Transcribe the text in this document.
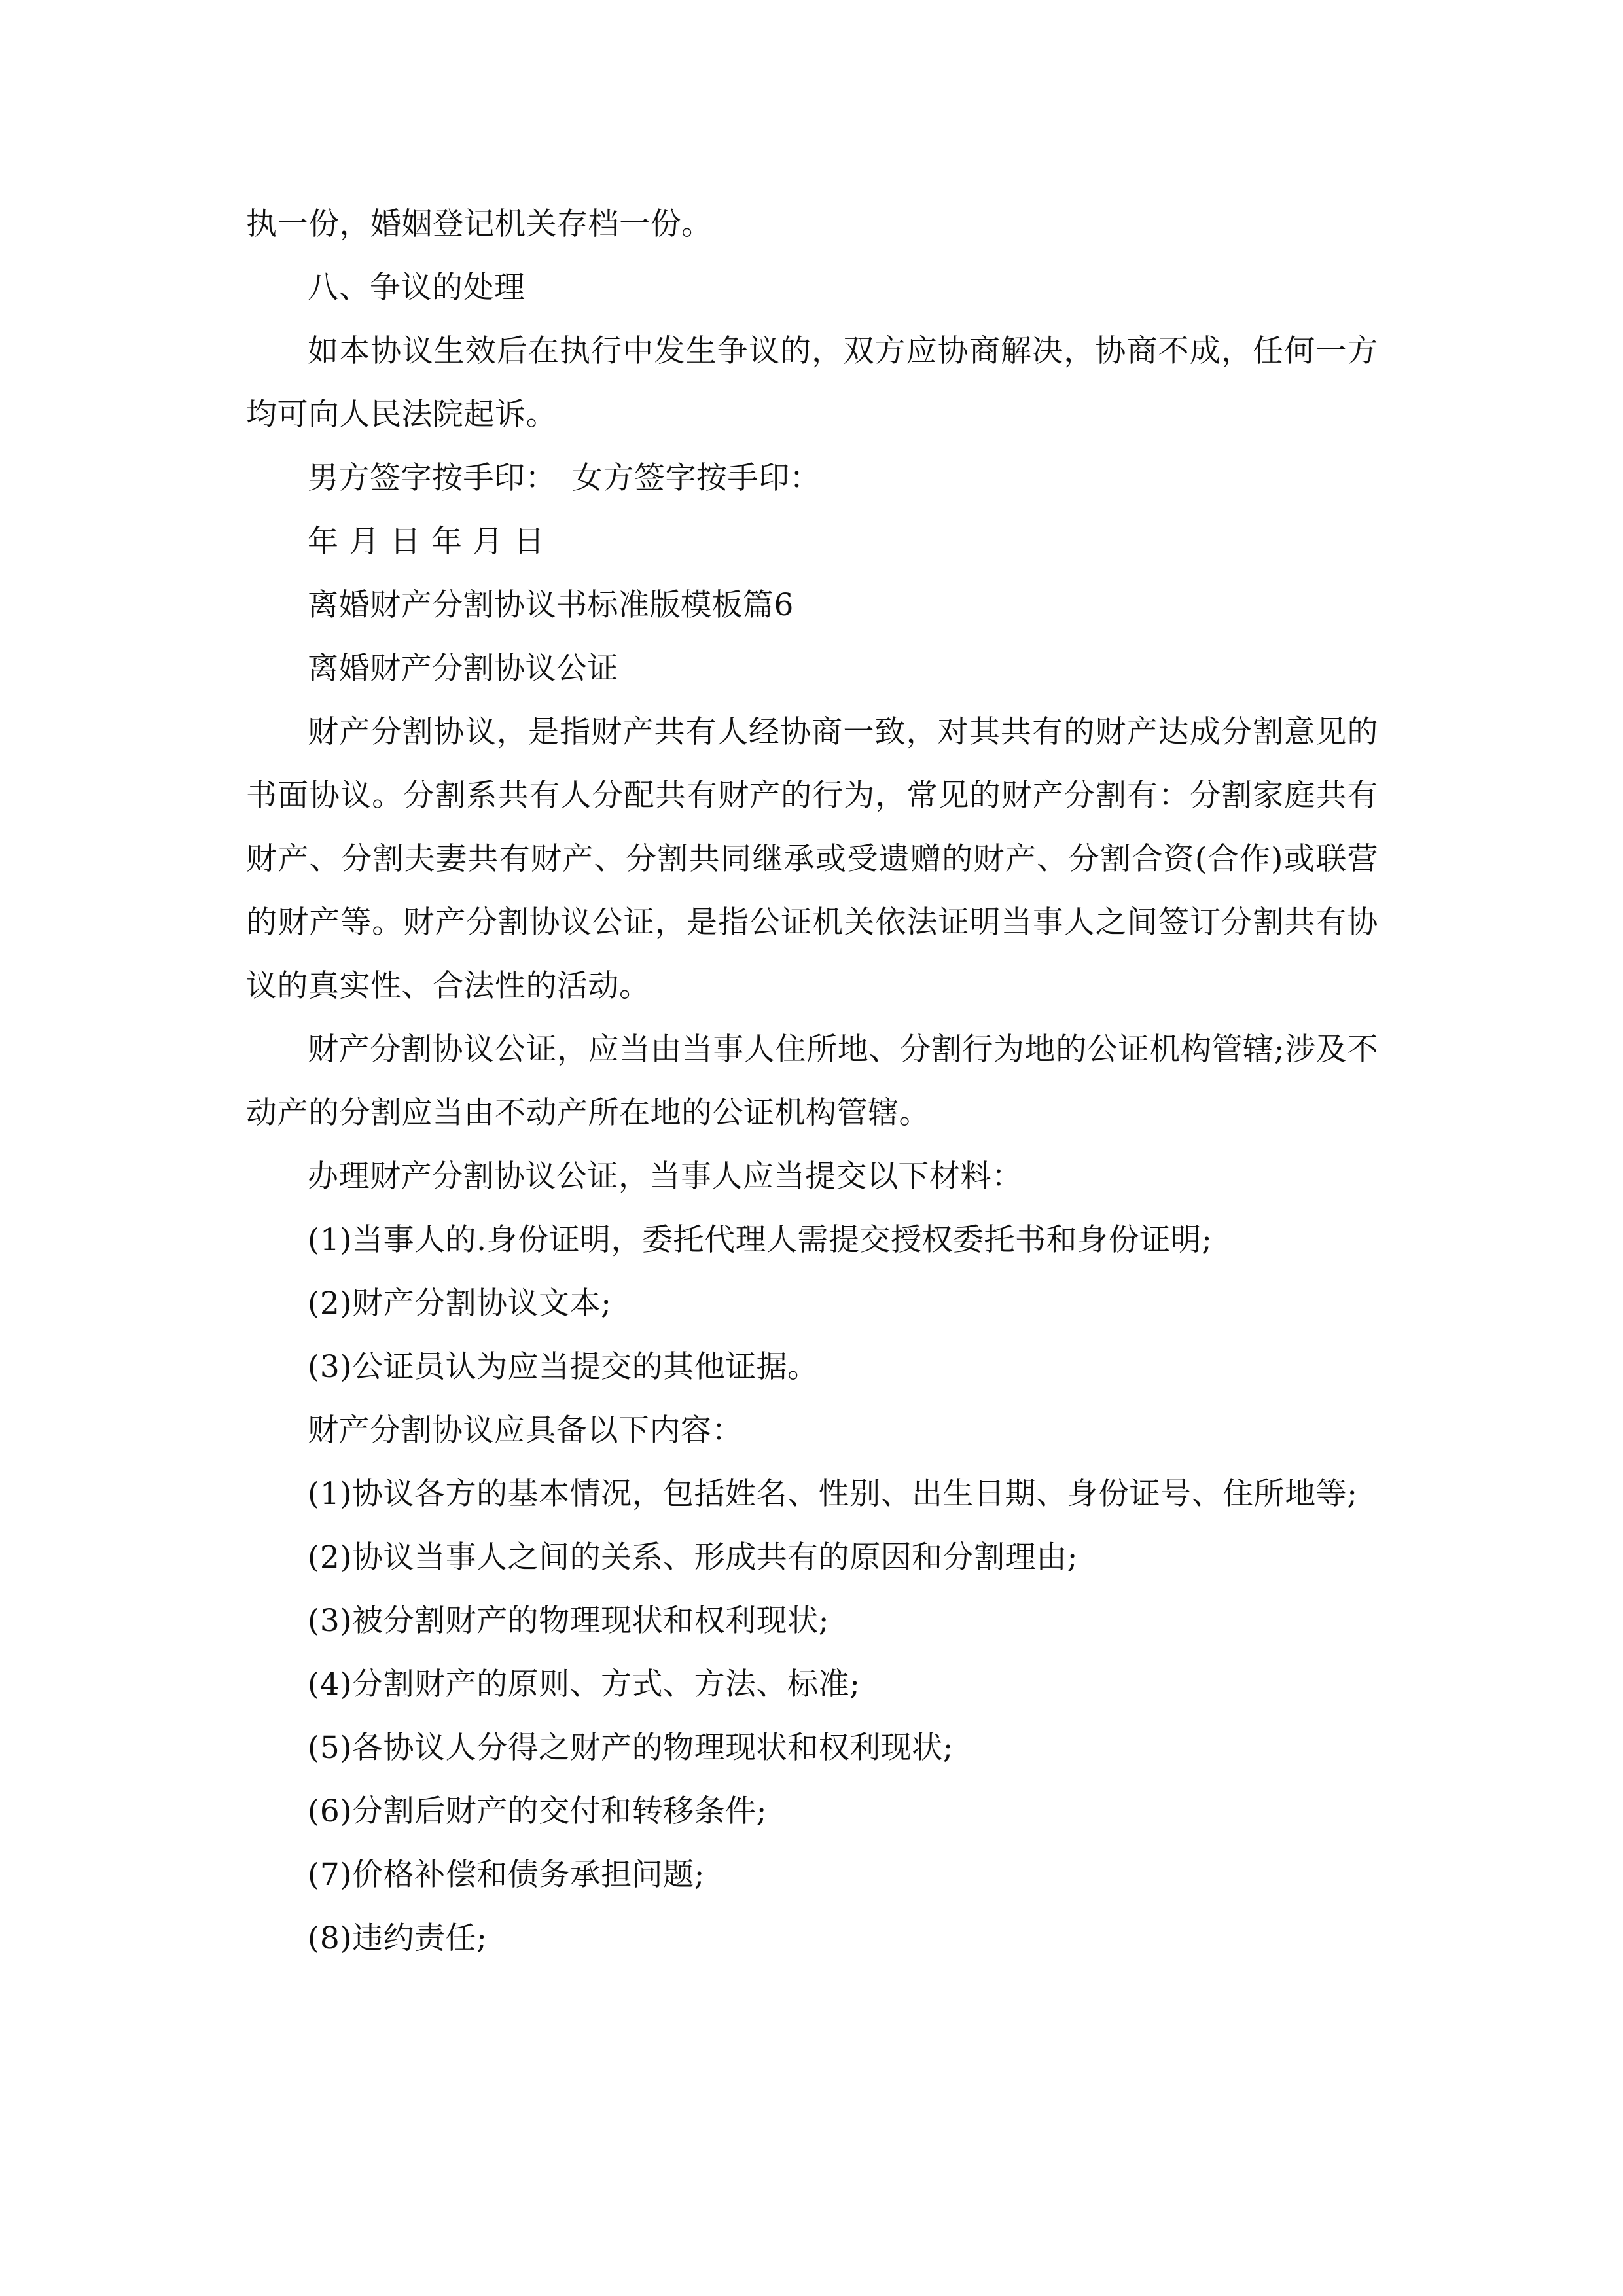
执一份，婚姻登记机关存档一份。

八、争议的处理

如本协议生效后在执行中发生争议的，双方应协商解决，协商不成，任何一方均可向人民法院起诉。

男方签字按手印：　女方签字按手印：

年 月 日 年 月 日

离婚财产分割协议书标准版模板篇6

离婚财产分割协议公证

财产分割协议，是指财产共有人经协商一致，对其共有的财产达成分割意见的书面协议。分割系共有人分配共有财产的行为，常见的财产分割有：分割家庭共有财产、分割夫妻共有财产、分割共同继承或受遗赠的财产、分割合资(合作)或联营的财产等。财产分割协议公证，是指公证机关依法证明当事人之间签订分割共有协议的真实性、合法性的活动。

财产分割协议公证，应当由当事人住所地、分割行为地的公证机构管辖;涉及不动产的分割应当由不动产所在地的公证机构管辖。

办理财产分割协议公证，当事人应当提交以下材料：

(1)当事人的.身份证明，委托代理人需提交授权委托书和身份证明;

(2)财产分割协议文本;

(3)公证员认为应当提交的其他证据。

财产分割协议应具备以下内容：

(1)协议各方的基本情况，包括姓名、性别、出生日期、身份证号、住所地等;

(2)协议当事人之间的关系、形成共有的原因和分割理由;

(3)被分割财产的物理现状和权利现状;

(4)分割财产的原则、方式、方法、标准;

(5)各协议人分得之财产的物理现状和权利现状;

(6)分割后财产的交付和转移条件;

(7)价格补偿和债务承担问题;

(8)违约责任;
